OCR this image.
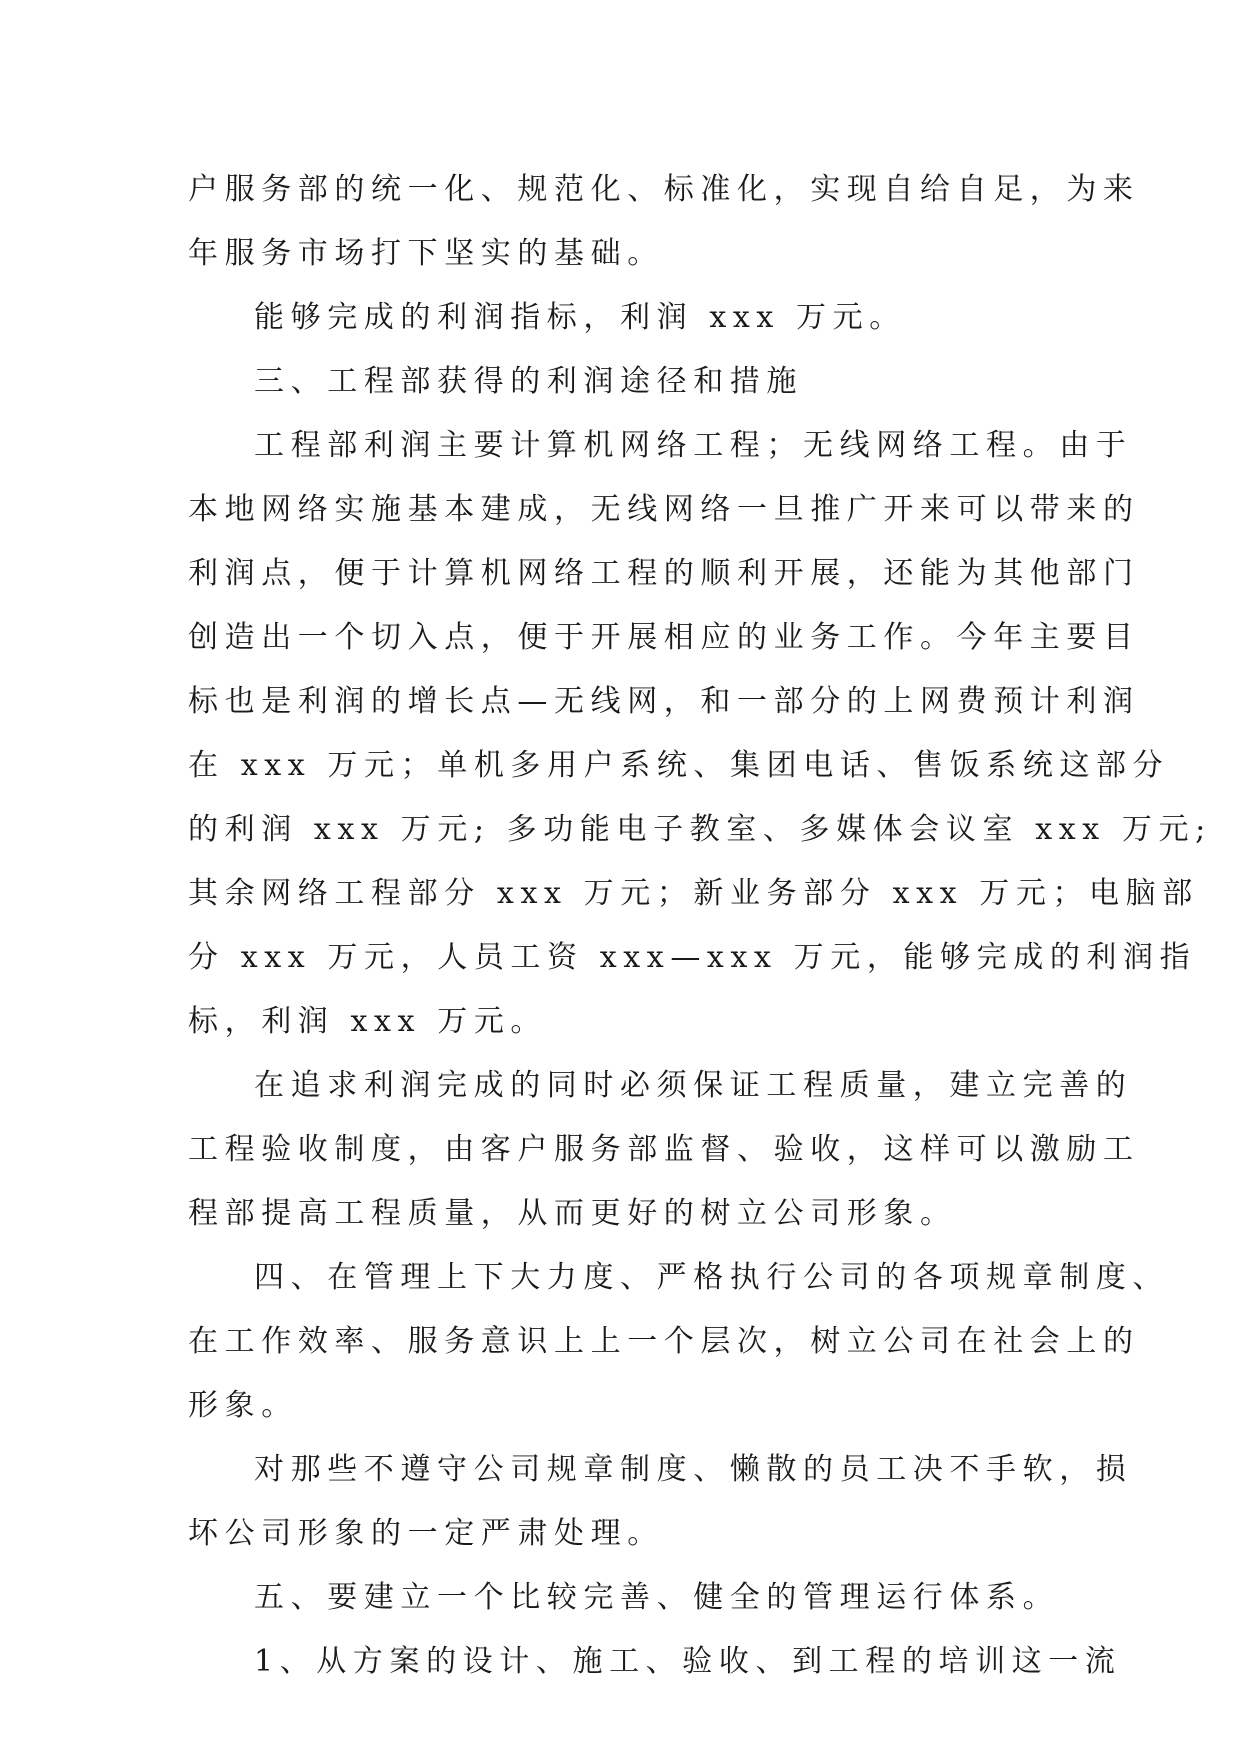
户服务部的统一化、规范化、标准化，实现自给自足，为来
年服务市场打下坚实的基础。
能够完成的利润指标，利润 xxx 万元。
三、工程部获得的利润途径和措施
工程部利润主要计算机网络工程；无线网络工程。由于
本地网络实施基本建成，无线网络一旦推广开来可以带来的
利润点，便于计算机网络工程的顺利开展，还能为其他部门
创造出一个切入点，便于开展相应的业务工作。今年主要目
标也是利润的增长点—无线网，和一部分的上网费预计利润
在 xxx 万元；单机多用户系统、集团电话、售饭系统这部分
的利润 xxx 万元; 多功能电子教室、多媒体会议室 xxx 万元;
其余网络工程部分 xxx 万元；新业务部分 xxx 万元；电脑部
分 xxx 万元，人员工资 xxx—xxx 万元，能够完成的利润指
标，利润 xxx 万元。
在追求利润完成的同时必须保证工程质量，建立完善的
工程验收制度，由客户服务部监督、验收，这样可以激励工
程部提高工程质量，从而更好的树立公司形象。
四、在管理上下大力度、严格执行公司的各项规章制度、
在工作效率、服务意识上上一个层次，树立公司在社会上的
形象。
对那些不遵守公司规章制度、懒散的员工决不手软，损
坏公司形象的一定严肃处理。
五、要建立一个比较完善、健全的管理运行体系。
1、从方案的设计、施工、验收、到工程的培训这一流
